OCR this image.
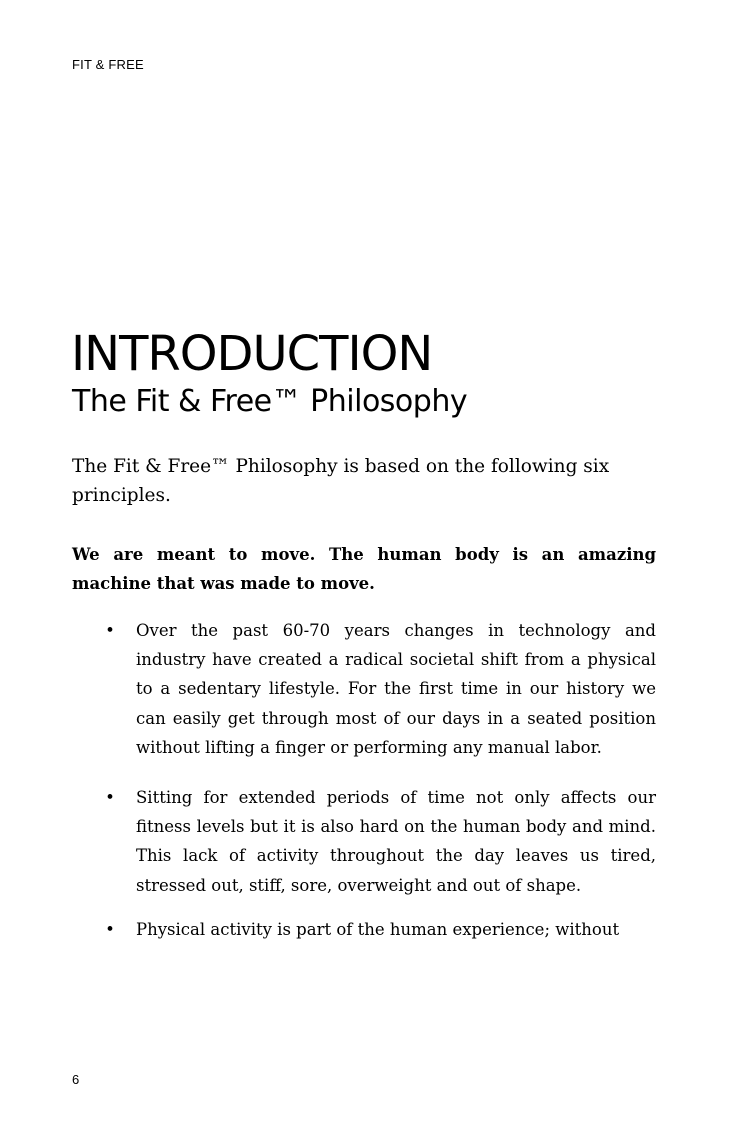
FIT & FREE
INTRODUCTION
The Fit & Free™ Philosophy

The Fit & Free™ Philosophy is based on the following six principles.

We are meant to move. The human body is an amazing machine that was made to move.

• Over the past 60-70 years changes in technology and industry have created a radical societal shift from a physical to a sedentary lifestyle. For the first time in our history we can easily get through most of our days in a seated position without lifting a finger or performing any manual labor.
• Sitting for extended periods of time not only affects our fitness levels but it is also hard on the human body and mind. This lack of activity throughout the day leaves us tired, stressed out, stiff, sore, overweight and out of shape.
• Physical activity is part of the human experience; without
6
